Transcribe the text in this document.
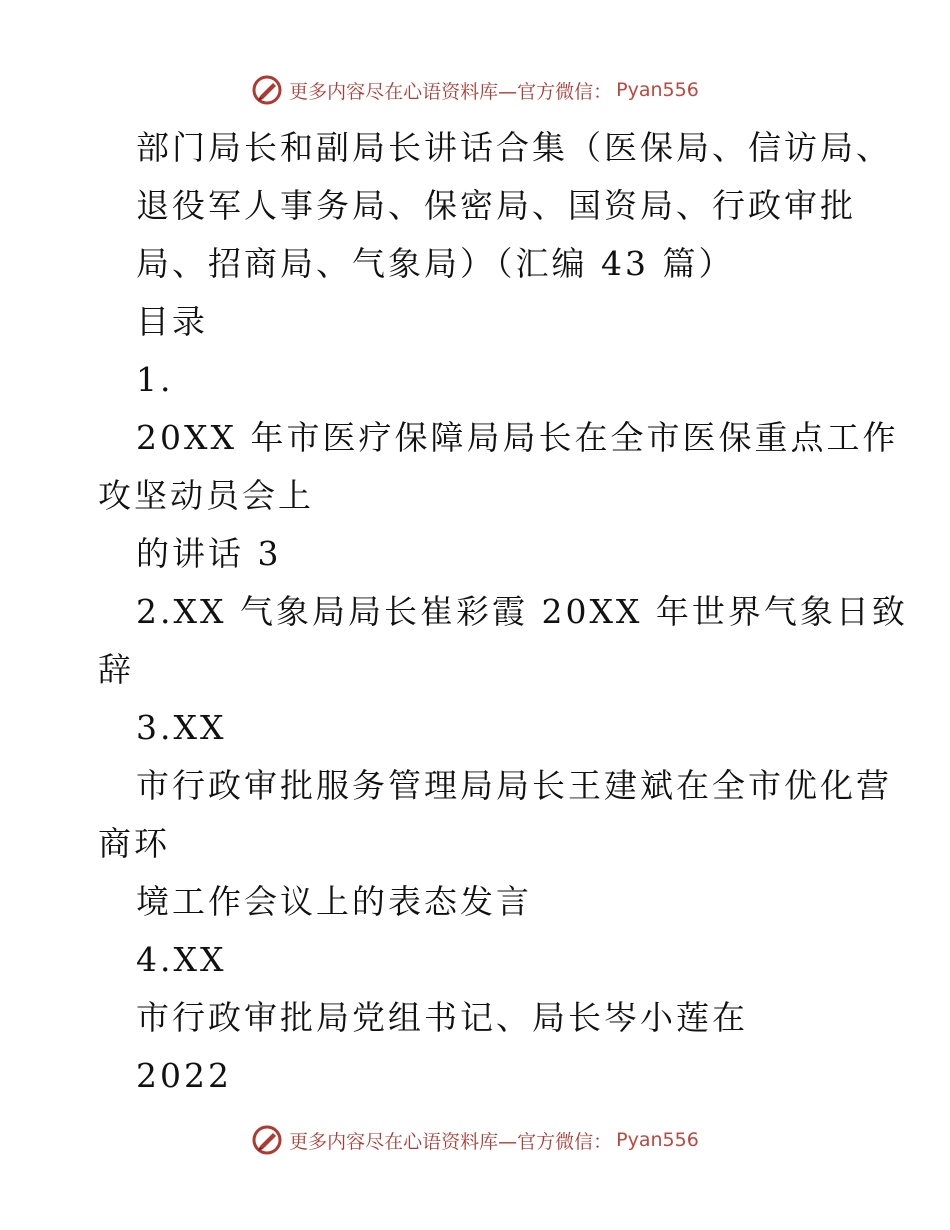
更多内容尽在心语资料库—官方微信： Pyan556
部门局长和副局长讲话合集（医保局、信访局、
退役军人事务局、保密局、国资局、行政审批
局、招商局、气象局）（汇编 43 篇）
目录
1.
20XX 年市医疗保障局局长在全市医保重点工作
攻坚动员会上
的讲话 3
2.XX 气象局局长崔彩霞 20XX 年世界气象日致
辞
3.XX
市行政审批服务管理局局长王建斌在全市优化营
商环
境工作会议上的表态发言
4.XX
市行政审批局党组书记、局长岑小莲在
2022
更多内容尽在心语资料库—官方微信： Pyan556
